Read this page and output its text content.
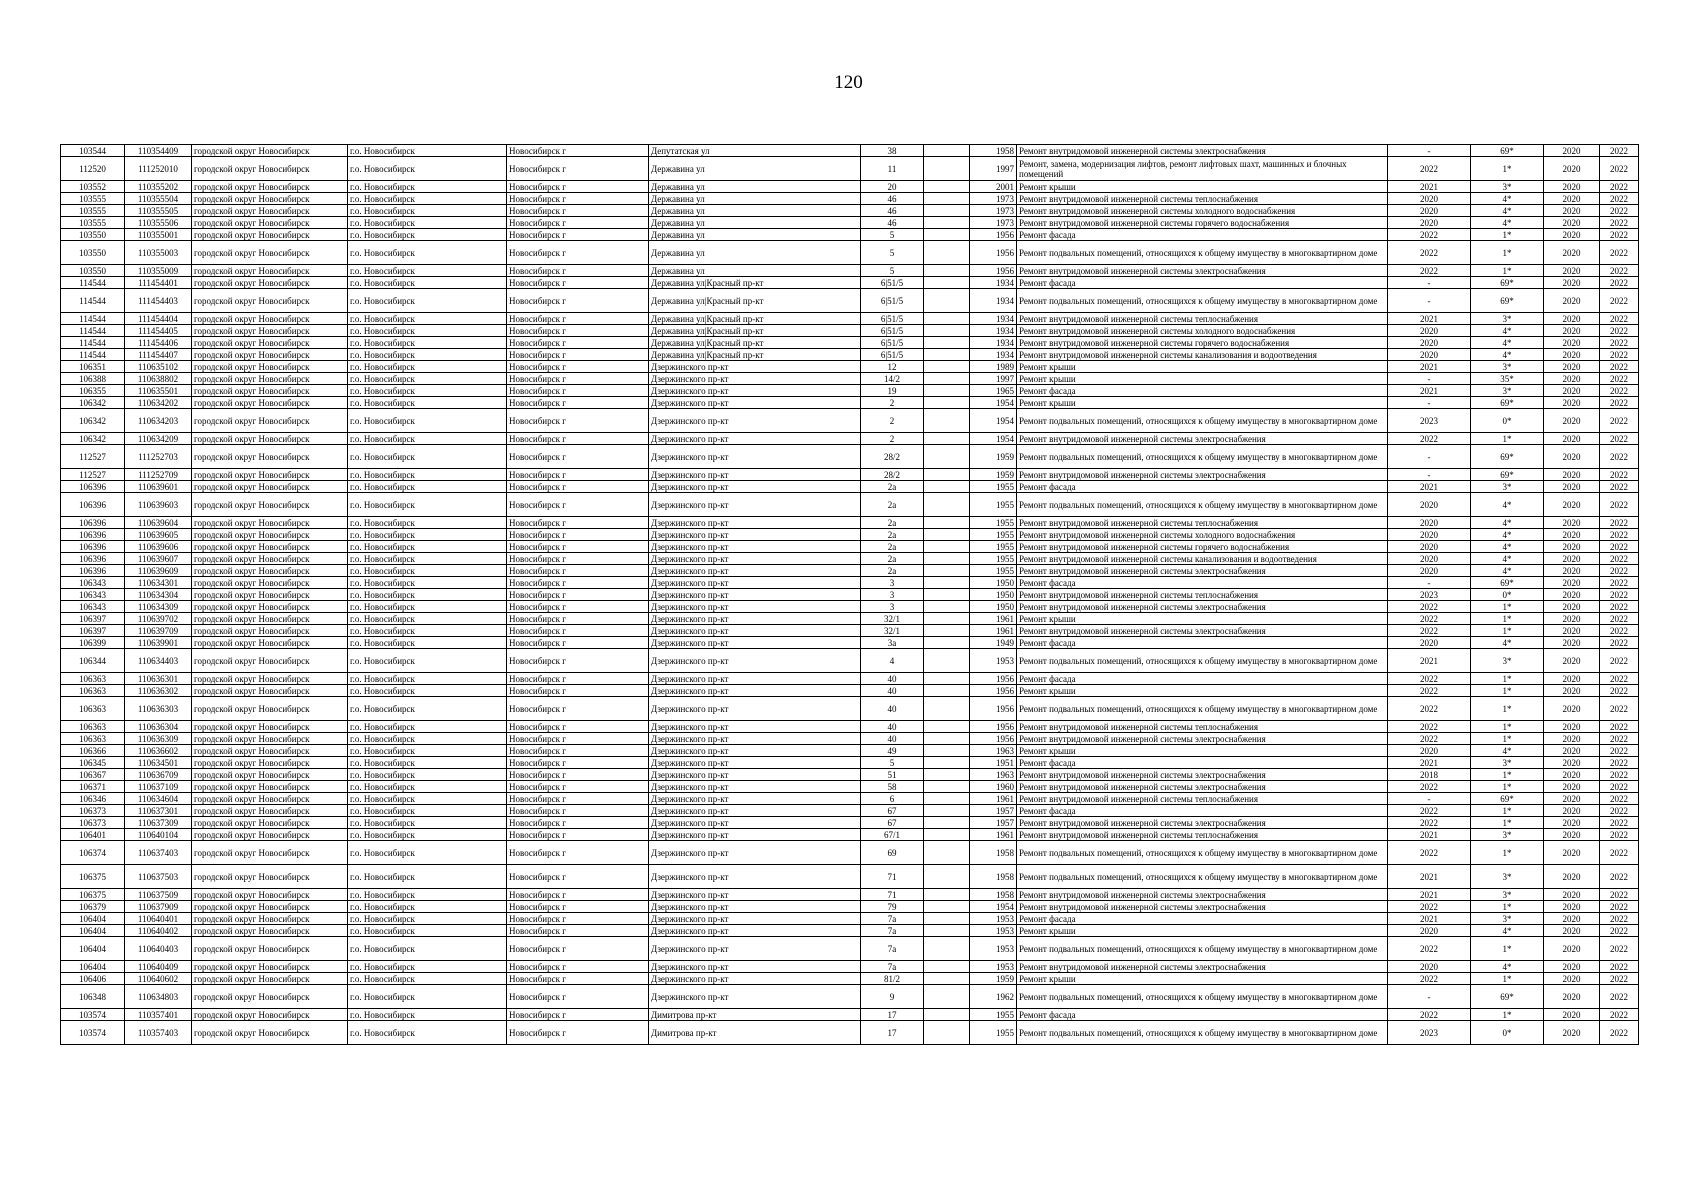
120
103544	110354409	городской округ Новосибирск	г.о. Новосибирск	Новосибирск г	Депутатская ул	38		1958	Ремонт внутридомовой инженерной системы электроснабжения	-	69*	2020	2022
112520	111252010	городской округ Новосибирск	г.о. Новосибирск	Новосибирск г	Державина ул	11		1997	Ремонт, замена, модернизация лифтов, ремонт лифтовых шахт, машинных и блочных помещений	2022	1*	2020	2022
103552	110355202	городской округ Новосибирск	г.о. Новосибирск	Новосибирск г	Державина ул	20		2001	Ремонт крыши	2021	3*	2020	2022
103555	110355504	городской округ Новосибирск	г.о. Новосибирск	Новосибирск г	Державина ул	46		1973	Ремонт внутридомовой инженерной системы теплоснабжения	2020	4*	2020	2022
103555	110355505	городской округ Новосибирск	г.о. Новосибирск	Новосибирск г	Державина ул	46		1973	Ремонт внутридомовой инженерной системы холодного водоснабжения	2020	4*	2020	2022
103555	110355506	городской округ Новосибирск	г.о. Новосибирск	Новосибирск г	Державина ул	46		1973	Ремонт внутридомовой инженерной системы горячего водоснабжения	2020	4*	2020	2022
103550	110355001	городской округ Новосибирск	г.о. Новосибирск	Новосибирск г	Державина ул	5		1956	Ремонт фасада	2022	1*	2020	2022
103550	110355003	городской округ Новосибирск	г.о. Новосибирск	Новосибирск г	Державина ул	5		1956	Ремонт подвальных помещений, относящихся к общему имуществу в многоквартирном доме	2022	1*	2020	2022
103550	110355009	городской округ Новосибирск	г.о. Новосибирск	Новосибирск г	Державина ул	5		1956	Ремонт внутридомовой инженерной системы электроснабжения	2022	1*	2020	2022
114544	111454401	городской округ Новосибирск	г.о. Новосибирск	Новосибирск г	Державина ул|Красный пр-кт	6|51/5		1934	Ремонт фасада	-	69*	2020	2022
114544	111454403	городской округ Новосибирск	г.о. Новосибирск	Новосибирск г	Державина ул|Красный пр-кт	6|51/5		1934	Ремонт подвальных помещений, относящихся к общему имуществу в многоквартирном доме	-	69*	2020	2022
114544	111454404	городской округ Новосибирск	г.о. Новосибирск	Новосибирск г	Державина ул|Красный пр-кт	6|51/5		1934	Ремонт внутридомовой инженерной системы теплоснабжения	2021	3*	2020	2022
114544	111454405	городской округ Новосибирск	г.о. Новосибирск	Новосибирск г	Державина ул|Красный пр-кт	6|51/5		1934	Ремонт внутридомовой инженерной системы холодного водоснабжения	2020	4*	2020	2022
114544	111454406	городской округ Новосибирск	г.о. Новосибирск	Новосибирск г	Державина ул|Красный пр-кт	6|51/5		1934	Ремонт внутридомовой инженерной системы горячего водоснабжения	2020	4*	2020	2022
114544	111454407	городской округ Новосибирск	г.о. Новосибирск	Новосибирск г	Державина ул|Красный пр-кт	6|51/5		1934	Ремонт внутридомовой инженерной системы канализования и водоотведения	2020	4*	2020	2022
106351	110635102	городской округ Новосибирск	г.о. Новосибирск	Новосибирск г	Дзержинского пр-кт	12		1989	Ремонт крыши	2021	3*	2020	2022
106388	110638802	городской округ Новосибирск	г.о. Новосибирск	Новосибирск г	Дзержинского пр-кт	14/2		1997	Ремонт крыши	-	35*	2020	2022
106355	110635501	городской округ Новосибирск	г.о. Новосибирск	Новосибирск г	Дзержинского пр-кт	19		1965	Ремонт фасада	2021	3*	2020	2022
106342	110634202	городской округ Новосибирск	г.о. Новосибирск	Новосибирск г	Дзержинского пр-кт	2		1954	Ремонт крыши	-	69*	2020	2022
106342	110634203	городской округ Новосибирск	г.о. Новосибирск	Новосибирск г	Дзержинского пр-кт	2		1954	Ремонт подвальных помещений, относящихся к общему имуществу в многоквартирном доме	2023	0*	2020	2022
106342	110634209	городской округ Новосибирск	г.о. Новосибирск	Новосибирск г	Дзержинского пр-кт	2		1954	Ремонт внутридомовой инженерной системы электроснабжения	2022	1*	2020	2022
112527	111252703	городской округ Новосибирск	г.о. Новосибирск	Новосибирск г	Дзержинского пр-кт	28/2		1959	Ремонт подвальных помещений, относящихся к общему имуществу в многоквартирном доме	-	69*	2020	2022
112527	111252709	городской округ Новосибирск	г.о. Новосибирск	Новосибирск г	Дзержинского пр-кт	28/2		1959	Ремонт внутридомовой инженерной системы электроснабжения	-	69*	2020	2022
106396	110639601	городской округ Новосибирск	г.о. Новосибирск	Новосибирск г	Дзержинского пр-кт	2а		1955	Ремонт фасада	2021	3*	2020	2022
106396	110639603	городской округ Новосибирск	г.о. Новосибирск	Новосибирск г	Дзержинского пр-кт	2а		1955	Ремонт подвальных помещений, относящихся к общему имуществу в многоквартирном доме	2020	4*	2020	2022
106396	110639604	городской округ Новосибирск	г.о. Новосибирск	Новосибирск г	Дзержинского пр-кт	2а		1955	Ремонт внутридомовой инженерной системы теплоснабжения	2020	4*	2020	2022
106396	110639605	городской округ Новосибирск	г.о. Новосибирск	Новосибирск г	Дзержинского пр-кт	2а		1955	Ремонт внутридомовой инженерной системы холодного водоснабжения	2020	4*	2020	2022
106396	110639606	городской округ Новосибирск	г.о. Новосибирск	Новосибирск г	Дзержинского пр-кт	2а		1955	Ремонт внутридомовой инженерной системы горячего водоснабжения	2020	4*	2020	2022
106396	110639607	городской округ Новосибирск	г.о. Новосибирск	Новосибирск г	Дзержинского пр-кт	2а		1955	Ремонт внутридомовой инженерной системы канализования и водоотведения	2020	4*	2020	2022
106396	110639609	городской округ Новосибирск	г.о. Новосибирск	Новосибирск г	Дзержинского пр-кт	2а		1955	Ремонт внутридомовой инженерной системы электроснабжения	2020	4*	2020	2022
106343	110634301	городской округ Новосибирск	г.о. Новосибирск	Новосибирск г	Дзержинского пр-кт	3		1950	Ремонт фасада	-	69*	2020	2022
106343	110634304	городской округ Новосибирск	г.о. Новосибирск	Новосибирск г	Дзержинского пр-кт	3		1950	Ремонт внутридомовой инженерной системы теплоснабжения	2023	0*	2020	2022
106343	110634309	городской округ Новосибирск	г.о. Новосибирск	Новосибирск г	Дзержинского пр-кт	3		1950	Ремонт внутридомовой инженерной системы электроснабжения	2022	1*	2020	2022
106397	110639702	городской округ Новосибирск	г.о. Новосибирск	Новосибирск г	Дзержинского пр-кт	32/1		1961	Ремонт крыши	2022	1*	2020	2022
106397	110639709	городской округ Новосибирск	г.о. Новосибирск	Новосибирск г	Дзержинского пр-кт	32/1		1961	Ремонт внутридомовой инженерной системы электроснабжения	2022	1*	2020	2022
106399	110639901	городской округ Новосибирск	г.о. Новосибирск	Новосибирск г	Дзержинского пр-кт	3а		1949	Ремонт фасада	2020	4*	2020	2022
106344	110634403	городской округ Новосибирск	г.о. Новосибирск	Новосибирск г	Дзержинского пр-кт	4		1953	Ремонт подвальных помещений, относящихся к общему имуществу в многоквартирном доме	2021	3*	2020	2022
106363	110636301	городской округ Новосибирск	г.о. Новосибирск	Новосибирск г	Дзержинского пр-кт	40		1956	Ремонт фасада	2022	1*	2020	2022
106363	110636302	городской округ Новосибирск	г.о. Новосибирск	Новосибирск г	Дзержинского пр-кт	40		1956	Ремонт крыши	2022	1*	2020	2022
106363	110636303	городской округ Новосибирск	г.о. Новосибирск	Новосибирск г	Дзержинского пр-кт	40		1956	Ремонт подвальных помещений, относящихся к общему имуществу в многоквартирном доме	2022	1*	2020	2022
106363	110636304	городской округ Новосибирск	г.о. Новосибирск	Новосибирск г	Дзержинского пр-кт	40		1956	Ремонт внутридомовой инженерной системы теплоснабжения	2022	1*	2020	2022
106363	110636309	городской округ Новосибирск	г.о. Новосибирск	Новосибирск г	Дзержинского пр-кт	40		1956	Ремонт внутридомовой инженерной системы электроснабжения	2022	1*	2020	2022
106366	110636602	городской округ Новосибирск	г.о. Новосибирск	Новосибирск г	Дзержинского пр-кт	49		1963	Ремонт крыши	2020	4*	2020	2022
106345	110634501	городской округ Новосибирск	г.о. Новосибирск	Новосибирск г	Дзержинского пр-кт	5		1951	Ремонт фасада	2021	3*	2020	2022
106367	110636709	городской округ Новосибирск	г.о. Новосибирск	Новосибирск г	Дзержинского пр-кт	51		1963	Ремонт внутридомовой инженерной системы электроснабжения	2018	1*	2020	2022
106371	110637109	городской округ Новосибирск	г.о. Новосибирск	Новосибирск г	Дзержинского пр-кт	58		1960	Ремонт внутридомовой инженерной системы электроснабжения	2022	1*	2020	2022
106346	110634604	городской округ Новосибирск	г.о. Новосибирск	Новосибирск г	Дзержинского пр-кт	6		1961	Ремонт внутридомовой инженерной системы теплоснабжения	-	69*	2020	2022
106373	110637301	городской округ Новосибирск	г.о. Новосибирск	Новосибирск г	Дзержинского пр-кт	67		1957	Ремонт фасада	2022	1*	2020	2022
106373	110637309	городской округ Новосибирск	г.о. Новосибирск	Новосибирск г	Дзержинского пр-кт	67		1957	Ремонт внутридомовой инженерной системы электроснабжения	2022	1*	2020	2022
106401	110640104	городской округ Новосибирск	г.о. Новосибирск	Новосибирск г	Дзержинского пр-кт	67/1		1961	Ремонт внутридомовой инженерной системы теплоснабжения	2021	3*	2020	2022
106374	110637403	городской округ Новосибирск	г.о. Новосибирск	Новосибирск г	Дзержинского пр-кт	69		1958	Ремонт подвальных помещений, относящихся к общему имуществу в многоквартирном доме	2022	1*	2020	2022
106375	110637503	городской округ Новосибирск	г.о. Новосибирск	Новосибирск г	Дзержинского пр-кт	71		1958	Ремонт подвальных помещений, относящихся к общему имуществу в многоквартирном доме	2021	3*	2020	2022
106375	110637509	городской округ Новосибирск	г.о. Новосибирск	Новосибирск г	Дзержинского пр-кт	71		1958	Ремонт внутридомовой инженерной системы электроснабжения	2021	3*	2020	2022
106379	110637909	городской округ Новосибирск	г.о. Новосибирск	Новосибирск г	Дзержинского пр-кт	79		1954	Ремонт внутридомовой инженерной системы электроснабжения	2022	1*	2020	2022
106404	110640401	городской округ Новосибирск	г.о. Новосибирск	Новосибирск г	Дзержинского пр-кт	7а		1953	Ремонт фасада	2021	3*	2020	2022
106404	110640402	городской округ Новосибирск	г.о. Новосибирск	Новосибирск г	Дзержинского пр-кт	7а		1953	Ремонт крыши	2020	4*	2020	2022
106404	110640403	городской округ Новосибирск	г.о. Новосибирск	Новосибирск г	Дзержинского пр-кт	7а		1953	Ремонт подвальных помещений, относящихся к общему имуществу в многоквартирном доме	2022	1*	2020	2022
106404	110640409	городской округ Новосибирск	г.о. Новосибирск	Новосибирск г	Дзержинского пр-кт	7а		1953	Ремонт внутридомовой инженерной системы электроснабжения	2020	4*	2020	2022
106406	110640602	городской округ Новосибирск	г.о. Новосибирск	Новосибирск г	Дзержинского пр-кт	81/2		1959	Ремонт крыши	2022	1*	2020	2022
106348	110634803	городской округ Новосибирск	г.о. Новосибирск	Новосибирск г	Дзержинского пр-кт	9		1962	Ремонт подвальных помещений, относящихся к общему имуществу в многоквартирном доме	-	69*	2020	2022
103574	110357401	городской округ Новосибирск	г.о. Новосибирск	Новосибирск г	Димитрова пр-кт	17		1955	Ремонт фасада	2022	1*	2020	2022
103574	110357403	городской округ Новосибирск	г.о. Новосибирск	Новосибирск г	Димитрова пр-кт	17		1955	Ремонт подвальных помещений, относящихся к общему имуществу в многоквартирном доме	2023	0*	2020	2022
